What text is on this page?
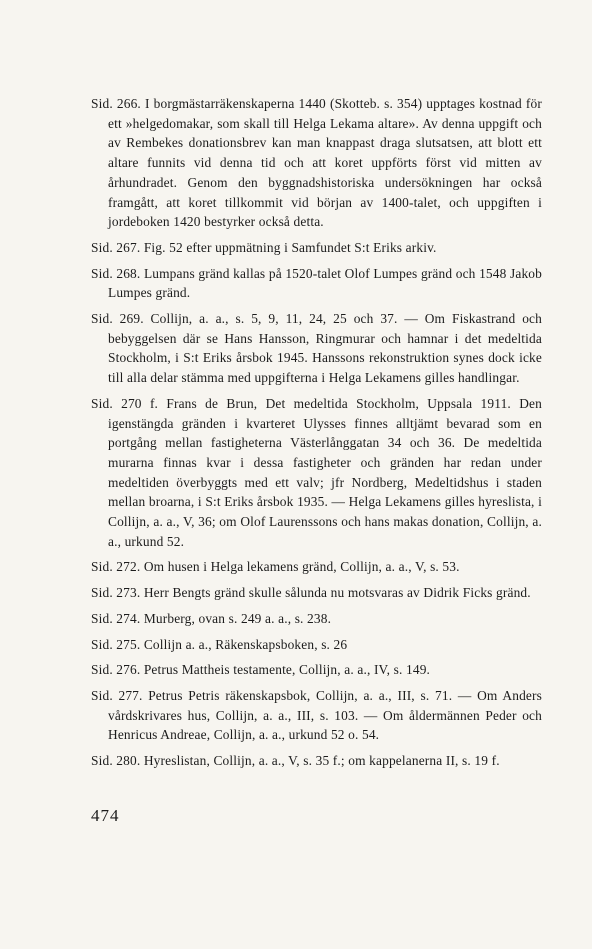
Sid. 266. I borgmästarräkenskaperna 1440 (Skotteb. s. 354) upptages kostnad för ett »helgedomakar, som skall till Helga Lekama altare». Av denna uppgift och av Rembekes donationsbrev kan man knappast draga slutsatsen, att blott ett altare funnits vid denna tid och att koret uppförts först vid mitten av århundradet. Genom den byggnadshistoriska undersökningen har också framgått, att koret tillkommit vid början av 1400-talet, och uppgiften i jordeboken 1420 bestyrker också detta.

Sid. 267. Fig. 52 efter uppmätning i Samfundet S:t Eriks arkiv.

Sid. 268. Lumpans gränd kallas på 1520-talet Olof Lumpes gränd och 1548 Jakob Lumpes gränd.

Sid. 269. Collijn, a. a., s. 5, 9, 11, 24, 25 och 37. — Om Fiskastrand och bebyggelsen där se Hans Hansson, Ringmurar och hamnar i det medeltida Stockholm, i S:t Eriks årsbok 1945. Hanssons rekonstruktion synes dock icke till alla delar stämma med uppgifterna i Helga Lekamens gilles handlingar.

Sid. 270 f. Frans de Brun, Det medeltida Stockholm, Uppsala 1911. Den igenstängda gränden i kvarteret Ulysses finnes alltjämt bevarad som en portgång mellan fastigheterna Västerlånggatan 34 och 36. De medeltida murarna finnas kvar i dessa fastigheter och gränden har redan under medeltiden överbyggts med ett valv; jfr Nordberg, Medeltidshus i staden mellan broarna, i S:t Eriks årsbok 1935. — Helga Lekamens gilles hyreslista, i Collijn, a. a., V, 36; om Olof Laurenssons och hans makas donation, Collijn, a. a., urkund 52.

Sid. 272. Om husen i Helga lekamens gränd, Collijn, a. a., V, s. 53.

Sid. 273. Herr Bengts gränd skulle sålunda nu motsvaras av Didrik Ficks gränd.

Sid. 274. Murberg, ovan s. 249 a. a., s. 238.

Sid. 275. Collijn a. a., Räkenskapsboken, s. 26

Sid. 276. Petrus Mattheis testamente, Collijn, a. a., IV, s. 149.

Sid. 277. Petrus Petris räkenskapsbok, Collijn, a. a., III, s. 71. — Om Anders vårdskrivares hus, Collijn, a. a., III, s. 103. — Om åldermännen Peder och Henricus Andreae, Collijn, a. a., urkund 52 o. 54.

Sid. 280. Hyreslistan, Collijn, a. a., V, s. 35 f.; om kappelanerna II, s. 19 f.

474
